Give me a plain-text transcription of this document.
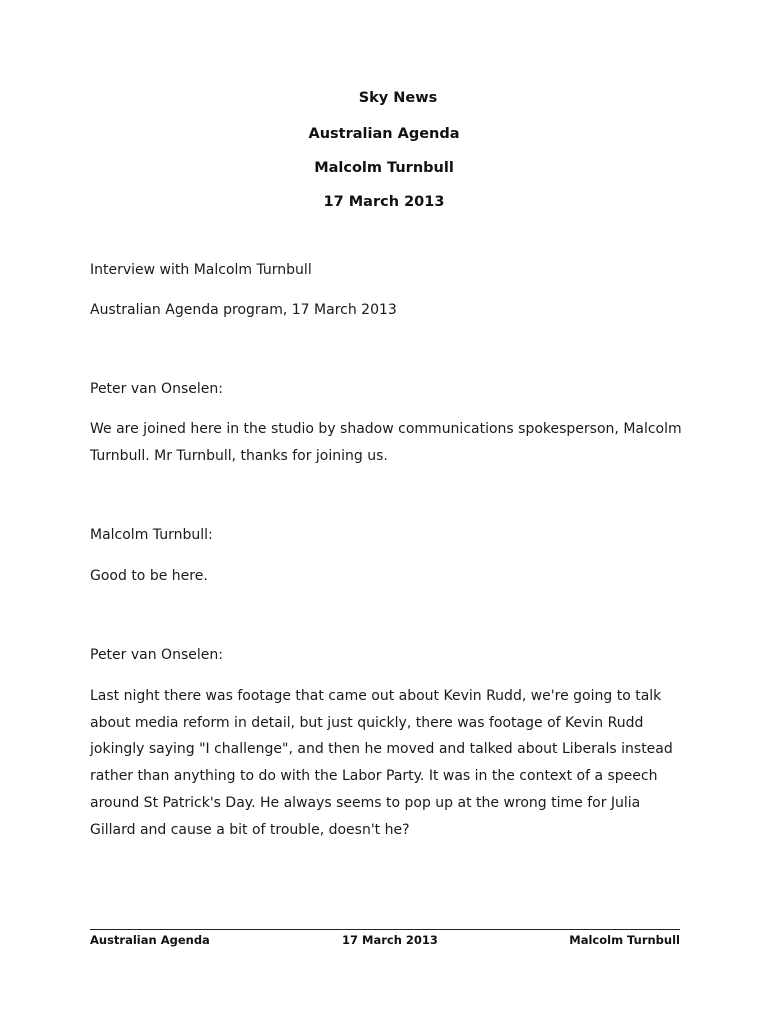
Sky News
Australian Agenda
Malcolm Turnbull
17 March 2013

Interview with Malcolm Turnbull

Australian Agenda program, 17 March 2013

Peter van Onselen:

We are joined here in the studio by shadow communications spokesperson, Malcolm Turnbull. Mr Turnbull, thanks for joining us.

Malcolm Turnbull:

Good to be here.

Peter van Onselen:

Last night there was footage that came out about Kevin Rudd, we're going to talk about media reform in detail, but just quickly, there was footage of Kevin Rudd jokingly saying "I challenge", and then he moved and talked about Liberals instead rather than anything to do with the Labor Party. It was in the context of a speech around St Patrick's Day. He always seems to pop up at the wrong time for Julia Gillard and cause a bit of trouble, doesn't he?

Australian Agenda	17 March 2013	Malcolm Turnbull
